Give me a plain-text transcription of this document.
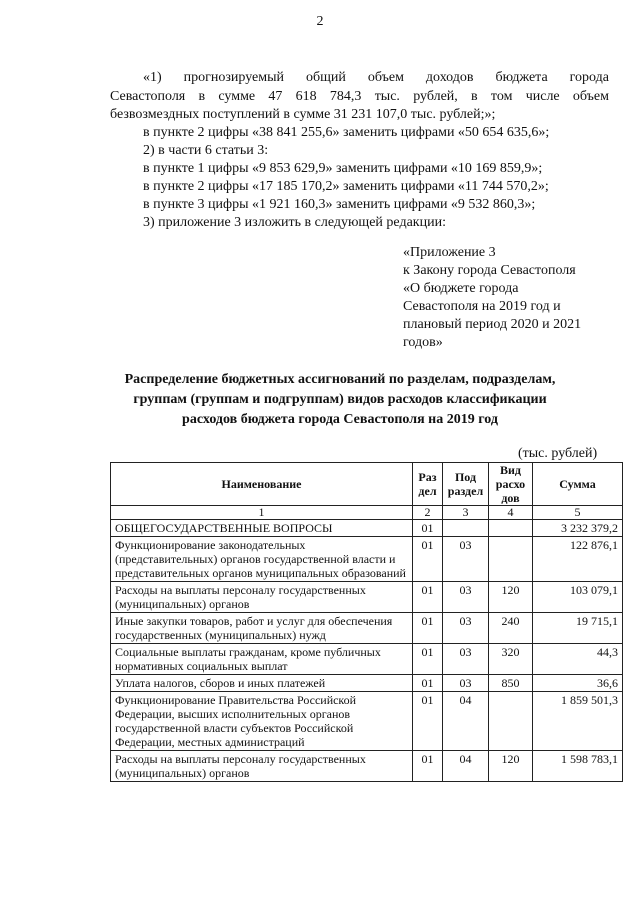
2
«1) прогнозируемый общий объем доходов бюджета города
Севастополя в сумме 47 618 784,3 тыс. рублей, в том числе объем
безвозмездных поступлений в сумме 31 231 107,0 тыс. рублей;»;
в пункте 2 цифры «38 841 255,6» заменить цифрами «50 654 635,6»;
2) в части 6 статьи 3:
в пункте 1 цифры «9 853 629,9» заменить цифрами «10 169 859,9»;
в пункте 2 цифры «17 185 170,2» заменить цифрами «11 744 570,2»;
в пункте 3 цифры «1 921 160,3» заменить цифрами «9 532 860,3»;
3) приложение 3 изложить в следующей редакции:
«Приложение 3
к Закону города Севастополя
«О бюджете города
Севастополя на 2019 год и
плановый период 2020 и 2021
годов»
Распределение бюджетных ассигнований по разделам, подразделам,
группам (группам и подгруппам) видов расходов классификации
расходов бюджета города Севастополя на 2019 год
(тыс. рублей)
Наименование	Раз дел	Под раздел	Вид расхо дов	Сумма
1	2	3	4	5
ОБЩЕГОСУДАРСТВЕННЫЕ ВОПРОСЫ	01			3 232 379,2
Функционирование законодательных (представительных) органов государственной власти и представительных органов муниципальных образований	01	03		122 876,1
Расходы на выплаты персоналу государственных (муниципальных) органов	01	03	120	103 079,1
Иные закупки товаров, работ и услуг для обеспечения государственных (муниципальных) нужд	01	03	240	19 715,1
Социальные выплаты гражданам, кроме публичных нормативных социальных выплат	01	03	320	44,3
Уплата налогов, сборов и иных платежей	01	03	850	36,6
Функционирование Правительства Российской Федерации, высших исполнительных органов государственной власти субъектов Российской Федерации, местных администраций	01	04		1 859 501,3
Расходы на выплаты персоналу государственных (муниципальных) органов	01	04	120	1 598 783,1
